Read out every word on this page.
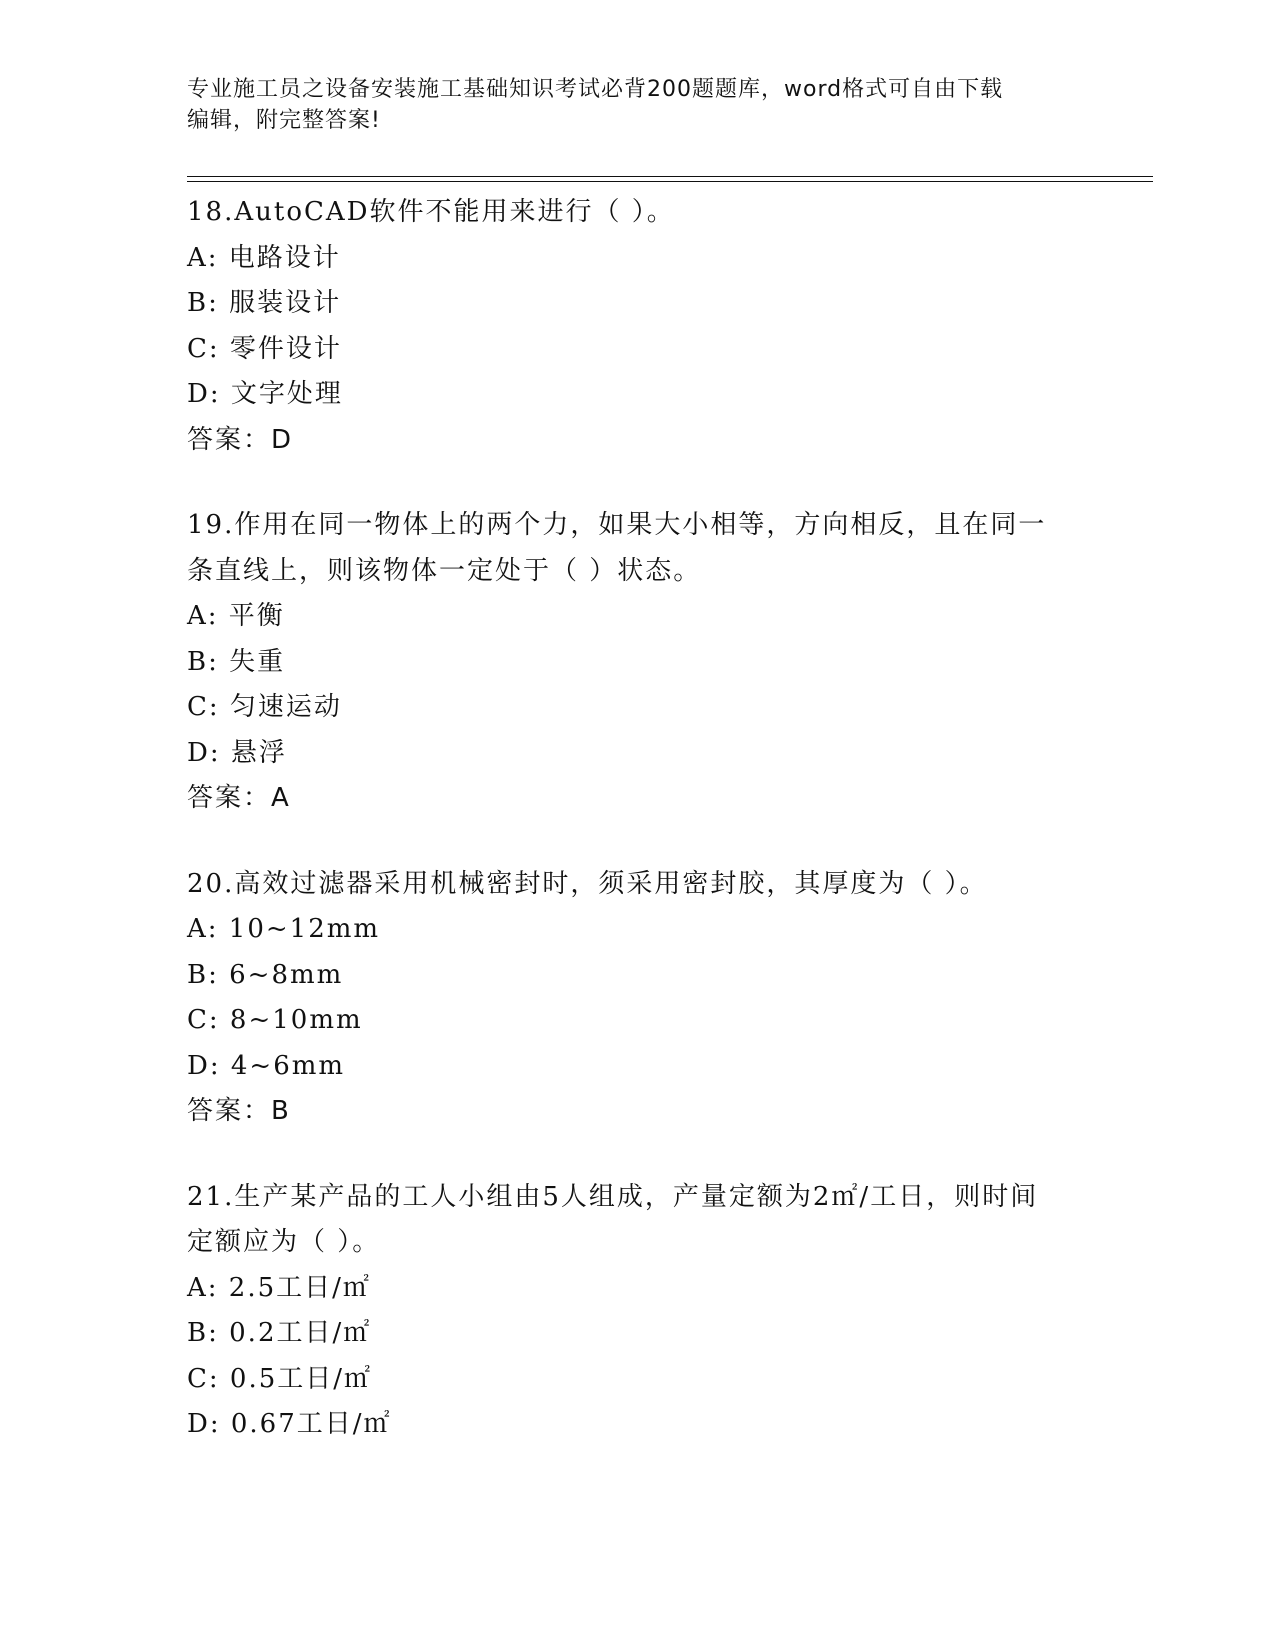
专业施工员之设备安装施工基础知识考试必背200题题库，word格式可自由下载
编辑，附完整答案!
18.AutoCAD软件不能用来进行（ ）。
A: 电路设计
B: 服装设计
C: 零件设计
D: 文字处理
答案：D
19.作用在同一物体上的两个力，如果大小相等，方向相反，且在同一
条直线上，则该物体一定处于（ ）状态。
A: 平衡
B: 失重
C: 匀速运动
D: 悬浮
答案：A
20.高效过滤器采用机械密封时，须采用密封胶，其厚度为（ ）。
A: 10~12mm
B: 6~8mm
C: 8~10mm
D: 4~6mm
答案：B
21.生产某产品的工人小组由5人组成，产量定额为2㎡/工日，则时间
定额应为（ ）。
A: 2.5工日/㎡
B: 0.2工日/㎡
C: 0.5工日/㎡
D: 0.67工日/㎡
